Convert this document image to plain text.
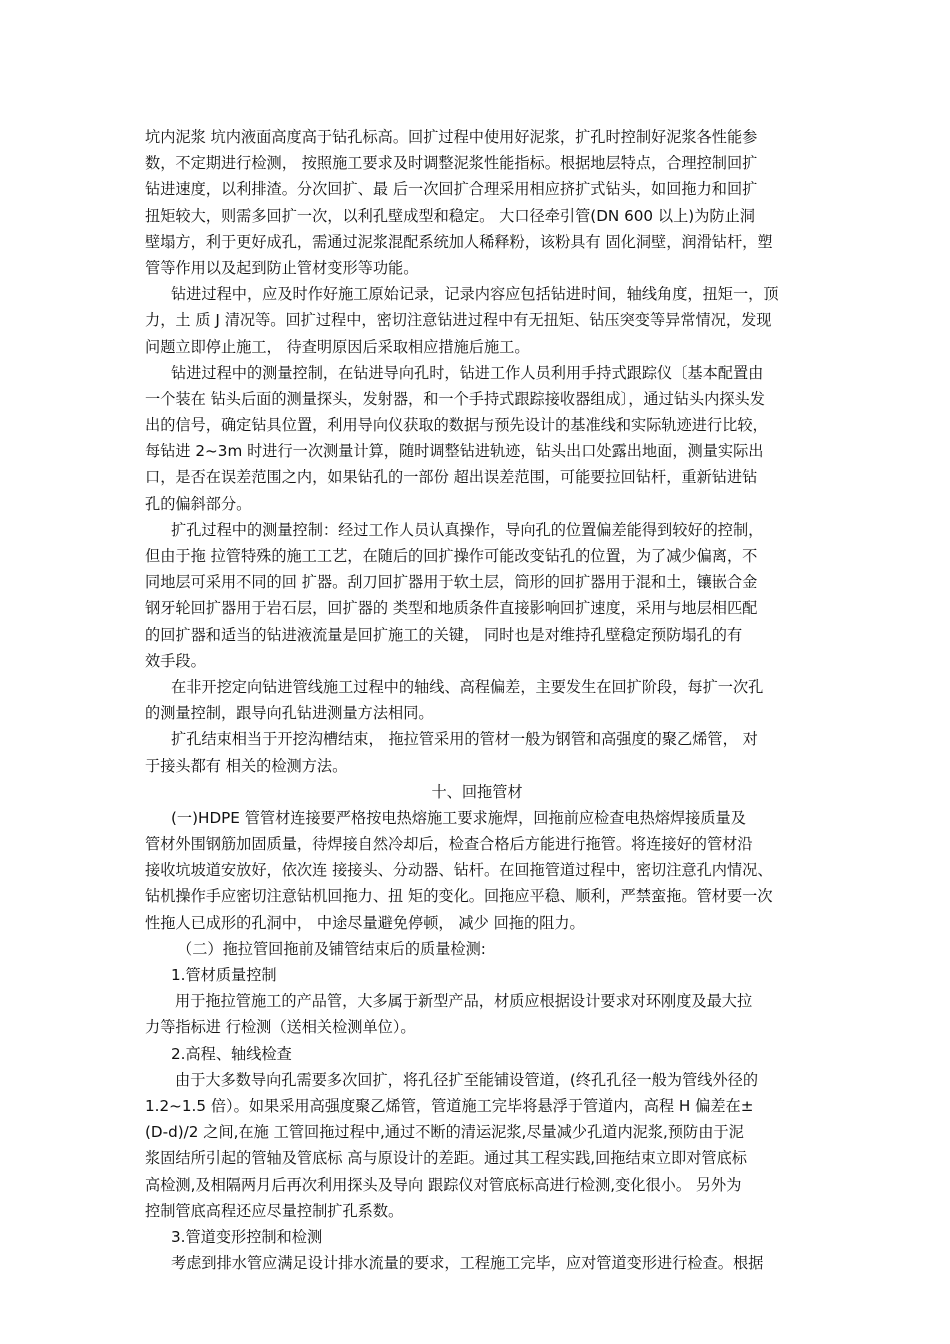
坑内泥浆 坑内液面高度高于钻孔标高。回扩过程中使用好泥浆，扩孔时控制好泥浆各性能参
数，不定期进行检测， 按照施工要求及时调整泥浆性能指标。根据地层特点，合理控制回扩
钻进速度，以利排渣。分次回扩、最 后一次回扩合理采用相应挤扩式钻头，如回拖力和回扩
扭矩较大，则需多回扩一次，以利孔壁成型和稳定。 大口径牵引管(DN 600 以上)为防止洞
壁塌方，利于更好成孔，需通过泥浆混配系统加人稀释粉，该粉具有 固化洞壁，润滑钻杆，塑
管等作用以及起到防止管材变形等功能。
钻进过程中，应及时作好施工原始记录，记录内容应包括钻进时间，轴线角度，扭矩一，顶
力，土 质 J 清况等。回扩过程中，密切注意钻进过程中有无扭矩、钻压突变等异常情况，发现
问题立即停止施工， 待查明原因后采取相应措施后施工。
钻进过程中的测量控制，在钻进导向孔时，钻进工作人员利用手持式跟踪仪〔基本配置由
一个装在 钻头后面的测量探头，发射器，和一个手持式跟踪接收器组成〕，通过钻头内探头发
出的信号，确定钻具位置，利用导向仪获取的数据与预先设计的基准线和实际轨迹进行比较，
每钻进 2~3m 时进行一次测量计算，随时调整钻进轨迹，钻头出口处露出地面，测量实际出
口，是否在误差范围之内，如果钻孔的一部份 超出误差范围，可能要拉回钻杆，重新钻进钻
孔的偏斜部分。
扩孔过程中的测量控制：经过工作人员认真操作，导向孔的位置偏差能得到较好的控制，
但由于拖 拉管特殊的施工工艺，在随后的回扩操作可能改变钻孔的位置，为了减少偏离，不
同地层可采用不同的回 扩器。刮刀回扩器用于软土层，筒形的回扩器用于混和土，镶嵌合金
钢牙轮回扩器用于岩石层，回扩器的 类型和地质条件直接影响回扩速度，采用与地层相匹配
的回扩器和适当的钻进液流量是回扩施工的关键， 同时也是对维持孔壁稳定预防塌孔的有
效手段。
在非开挖定向钻进管线施工过程中的轴线、高程偏差，主要发生在回扩阶段，每扩一次孔
的测量控制，跟导向孔钻进测量方法相同。
扩孔结束相当于开挖沟槽结束， 拖拉管采用的管材一般为钢管和高强度的聚乙烯管， 对
于接头都有 相关的检测方法。
十、回拖管材
(一)HDPE 管管材连接要严格按电热熔施工要求施焊，回拖前应检查电热熔焊接质量及
管材外围钢筋加固质量，待焊接自然冷却后，检查合格后方能进行拖管。将连接好的管材沿
接收坑坡道安放好，依次连 接接头、分动器、钻杆。在回拖管道过程中，密切注意孔内情况、
钻机操作手应密切注意钻机回拖力、扭 矩的变化。回拖应平稳、顺利，严禁蛮拖。管材要一次
性拖人已成形的孔洞中， 中途尽量避免停顿， 减少 回拖的阻力。
（二）拖拉管回拖前及铺管结束后的质量检测:
1.管材质量控制
用于拖拉管施工的产品管，大多属于新型产品，材质应根据设计要求对环刚度及最大拉
力等指标进 行检测（送相关检测单位）。
2.高程、轴线检查
由于大多数导向孔需要多次回扩，将孔径扩至能铺设管道，(终孔孔径一般为管线外径的
1.2~1.5 倍）。如果采用高强度聚乙烯管，管道施工完毕将悬浮于管道内，高程 H 偏差在±
(D-d)/2 之间,在施 工管回拖过程中,通过不断的清运泥浆,尽量减少孔道内泥浆,预防由于泥
浆固结所引起的管轴及管底标 高与原设计的差距。通过其工程实践,回拖结束立即对管底标
高检测,及相隔两月后再次利用探头及导向 跟踪仪对管底标高进行检测,变化很小。 另外为
控制管底高程还应尽量控制扩孔系数。
3.管道变形控制和检测
考虑到排水管应满足设计排水流量的要求，工程施工完毕，应对管道变形进行检查。根据
